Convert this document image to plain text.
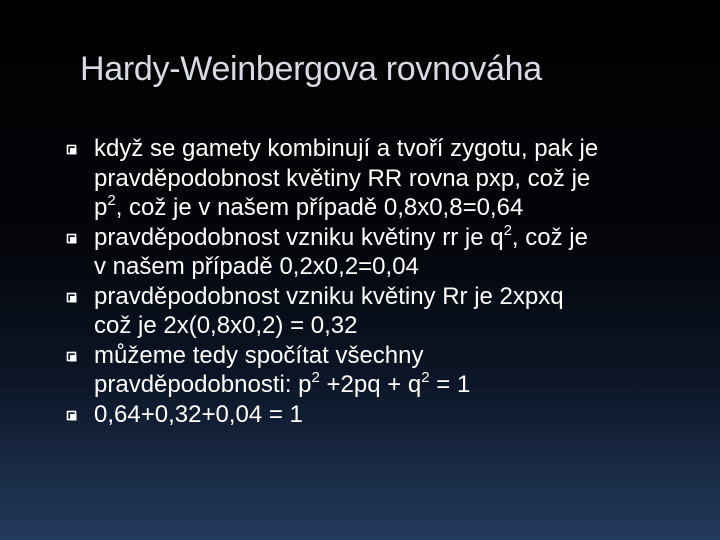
Hardy-Weinbergova rovnováha
když se gamety kombinují a tvoří zygotu, pak je
pravděpodobnost květiny RR rovna pxp, což je
$p^2$, což je v našem případě 0,8x0,8=0,64
pravděpodobnost vzniku květiny rr je $q^2$, což je
v našem případě 0,2x0,2=0,04
pravděpodobnost vzniku květiny Rr je 2xpxq
což je 2x(0,8x0,2) = 0,32
můžeme tedy spočítat všechny
pravděpodobnosti: $p^2 +2pq + q^2 = 1$
0,64+0,32+0,04 = 1
